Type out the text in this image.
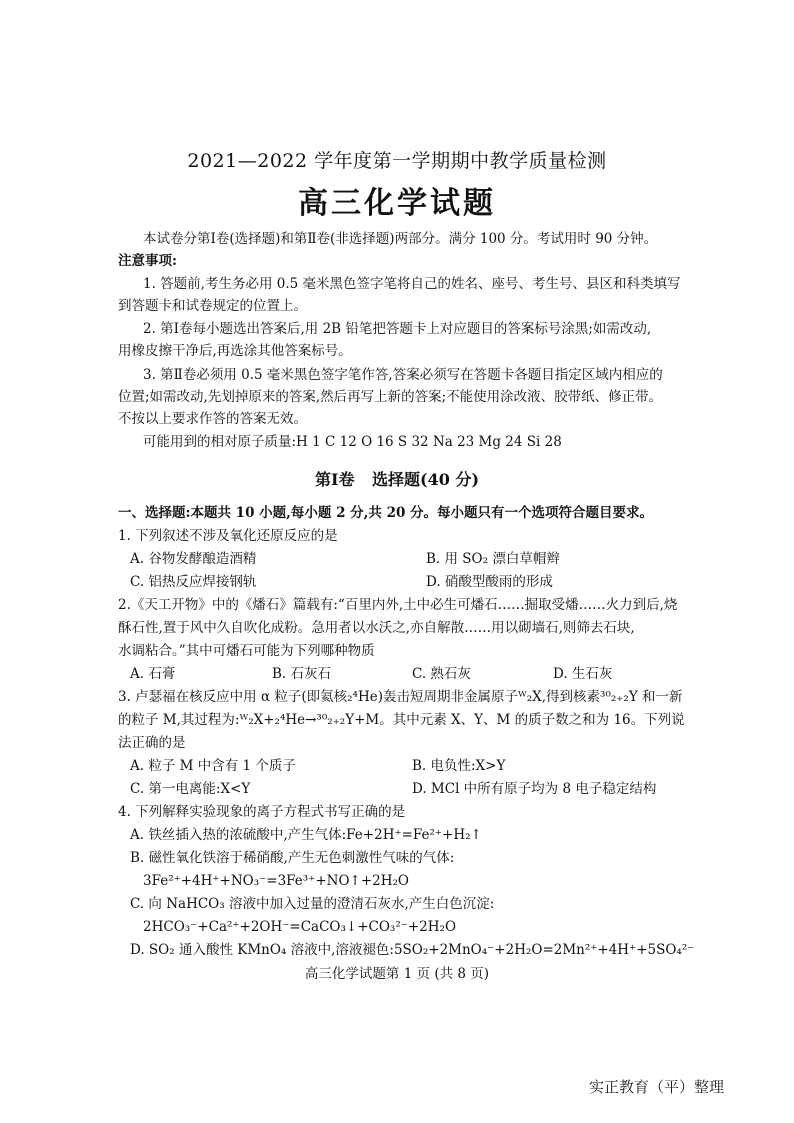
2021—2022 学年度第一学期期中教学质量检测
高三化学试题
本试卷分第Ⅰ卷(选择题)和第Ⅱ卷(非选择题)两部分。满分 100 分。考试用时 90 分钟。
注意事项:
1. 答题前,考生务必用 0.5 毫米黑色签字笔将自己的姓名、座号、考生号、县区和科类填写
到答题卡和试卷规定的位置上。
2. 第Ⅰ卷每小题选出答案后,用 2B 铅笔把答题卡上对应题目的答案标号涂黑;如需改动,
用橡皮擦干净后,再选涂其他答案标号。
3. 第Ⅱ卷必须用 0.5 毫米黑色签字笔作答,答案必须写在答题卡各题目指定区域内相应的
位置;如需改动,先划掉原来的答案,然后再写上新的答案;不能使用涂改液、胶带纸、修正带。
不按以上要求作答的答案无效。
可能用到的相对原子质量:H 1 C 12 O 16 S 32 Na 23 Mg 24 Si 28
第Ⅰ卷 选择题(40 分)
一、选择题:本题共 10 小题,每小题 2 分,共 20 分。每小题只有一个选项符合题目要求。
1. 下列叙述不涉及氧化还原反应的是
A. 谷物发酵酿造酒精	B. 用 SO₂ 漂白草帽辫
C. 铝热反应焊接钢轨	D. 硝酸型酸雨的形成
2.《天工开物》中的《燔石》篇载有:“百里内外,土中必生可燔石……掘取受燔……火力到后,烧
酥石性,置于风中久自吹化成粉。急用者以水沃之,亦自解散……用以砌墙石,则筛去石块,
水调粘合。”其中可燔石可能为下列哪种物质
A. 石膏	B. 石灰石	C. 熟石灰	D. 生石灰
3. 卢瑟福在核反应中用 α 粒子(即氦核₂⁴He)轰击短周期非金属原子ᵂ₂X,得到核素³⁰₂₊₂Y 和一新
的粒子 M,其过程为:ᵂ₂X+₂⁴He→³⁰₂₊₂Y+M。其中元素 X、Y、M 的质子数之和为 16。下列说
法正确的是
A. 粒子 M 中含有 1 个质子	B. 电负性:X>Y
C. 第一电离能:X<Y	D. MCl 中所有原子均为 8 电子稳定结构
4. 下列解释实验现象的离子方程式书写正确的是
A. 铁丝插入热的浓硫酸中,产生气体:Fe+2H⁺=Fe²⁺+H₂↑
B. 磁性氧化铁溶于稀硝酸,产生无色刺激性气味的气体:
3Fe²⁺+4H⁺+NO₃⁻=3Fe³⁺+NO↑+2H₂O
C. 向 NaHCO₃ 溶液中加入过量的澄清石灰水,产生白色沉淀:
2HCO₃⁻+Ca²⁺+2OH⁻=CaCO₃↓+CO₃²⁻+2H₂O
D. SO₂ 通入酸性 KMnO₄ 溶液中,溶液褪色:5SO₂+2MnO₄⁻+2H₂O=2Mn²⁺+4H⁺+5SO₄²⁻
高三化学试题第 1 页 (共 8 页)
实正教育（平）整理
